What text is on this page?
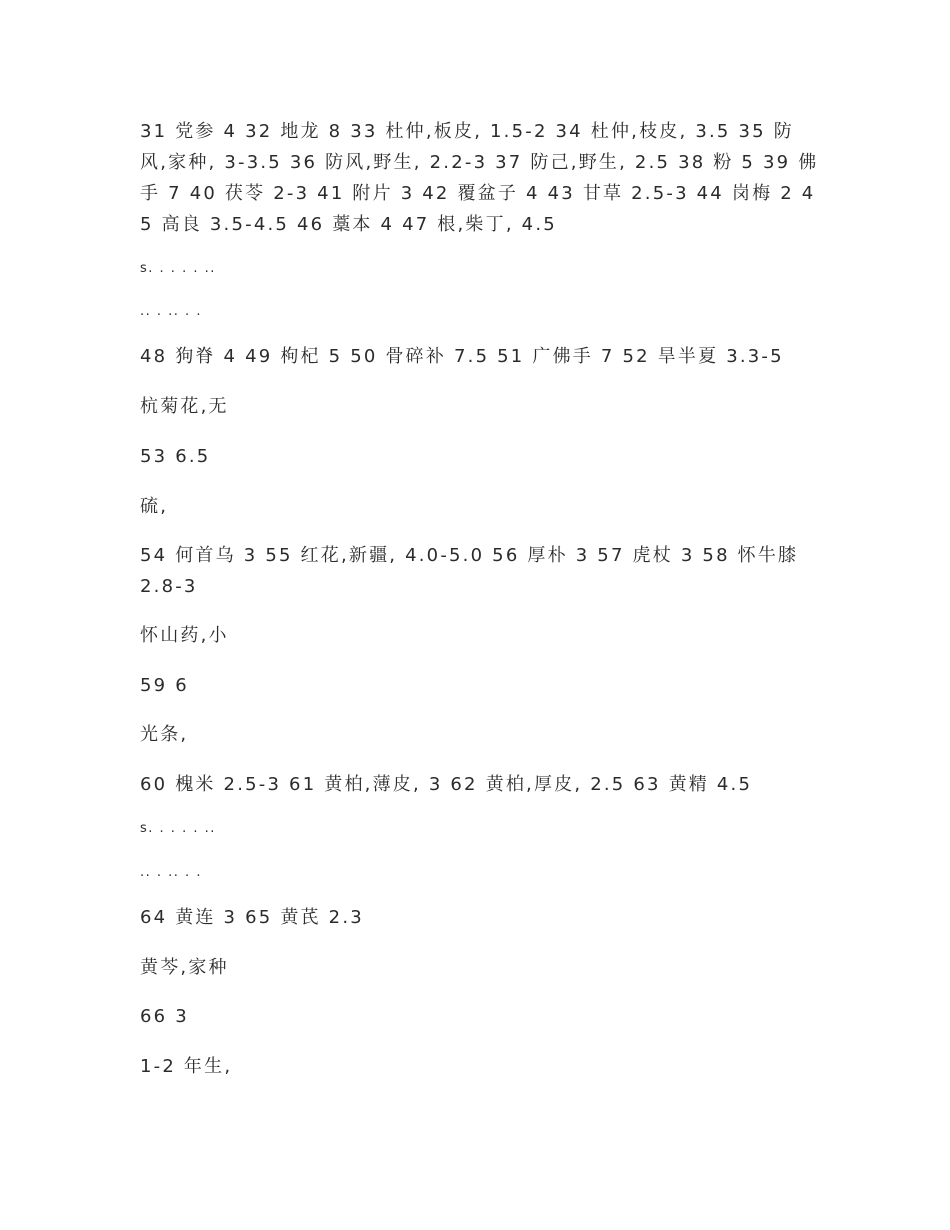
31 党参 4 32 地龙 8 33 杜仲,板皮, 1.5-2 34 杜仲,枝皮, 3.5 35 防风,家种, 3-3.5 36 防风,野生, 2.2-3 37 防己,野生, 2.5 38 粉 5 39 佛手 7 40 茯苓 2-3 41 附片 3 42 覆盆子 4 43 甘草 2.5-3 44 岗梅 2 45 高良 3.5-4.5 46 藁本 4 47 根,柴丁, 4.5
s. . . . . ..
.. . .. . .
48 狗脊 4 49 枸杞 5 50 骨碎补 7.5 51 广佛手 7 52 旱半夏 3.3-5
杭菊花,无
53 6.5
硫,
54 何首乌 3 55 红花,新疆, 4.0-5.0 56 厚朴 3 57 虎杖 3 58 怀牛膝 2.8-3
怀山药,小
59 6
光条,
60 槐米 2.5-3 61 黄柏,薄皮, 3 62 黄柏,厚皮, 2.5 63 黄精 4.5
s. . . . . ..
.. . .. . .
64 黄连 3 65 黄芪 2.3
黄芩,家种
66 3
1-2 年生,
